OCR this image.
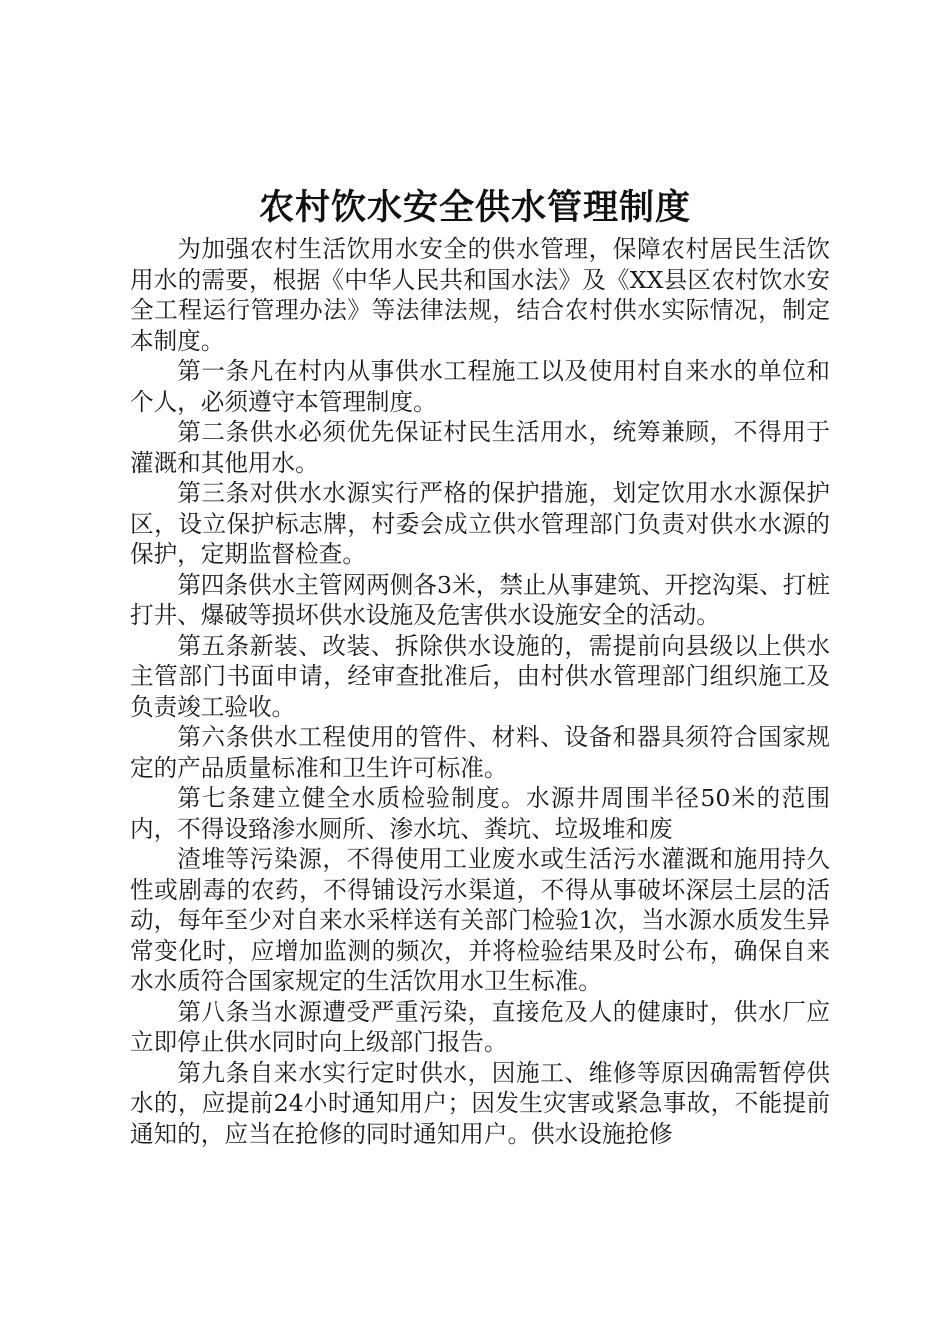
农村饮水安全供水管理制度

为加强农村生活饮用水安全的供水管理，保障农村居民生活饮用水的需要，根据《中华人民共和国水法》及《XX县区农村饮水安全工程运行管理办法》等法律法规，结合农村供水实际情况，制定本制度。

第一条凡在村内从事供水工程施工以及使用村自来水的单位和个人，必须遵守本管理制度。

第二条供水必须优先保证村民生活用水，统筹兼顾，不得用于灌溉和其他用水。

第三条对供水水源实行严格的保护措施，划定饮用水水源保护区，设立保护标志牌，村委会成立供水管理部门负责对供水水源的保护，定期监督检查。

第四条供水主管网两侧各3米，禁止从事建筑、开挖沟渠、打桩打井、爆破等损坏供水设施及危害供水设施安全的活动。

第五条新装、改装、拆除供水设施的，需提前向县级以上供水主管部门书面申请，经审查批准后，由村供水管理部门组织施工及负责竣工验收。

第六条供水工程使用的管件、材料、设备和器具须符合国家规定的产品质量标准和卫生许可标准。

第七条建立健全水质检验制度。水源井周围半径50米的范围内，不得设臵渗水厕所、渗水坑、粪坑、垃圾堆和废

渣堆等污染源，不得使用工业废水或生活污水灌溉和施用持久性或剧毒的农药，不得铺设污水渠道，不得从事破坏深层土层的活动，每年至少对自来水采样送有关部门检验1次，当水源水质发生异常变化时，应增加监测的频次，并将检验结果及时公布，确保自来水水质符合国家规定的生活饮用水卫生标准。

第八条当水源遭受严重污染，直接危及人的健康时，供水厂应立即停止供水同时向上级部门报告。

第九条自来水实行定时供水，因施工、维修等原因确需暂停供水的，应提前24小时通知用户；因发生灾害或紧急事故，不能提前通知的，应当在抢修的同时通知用户。供水设施抢修
